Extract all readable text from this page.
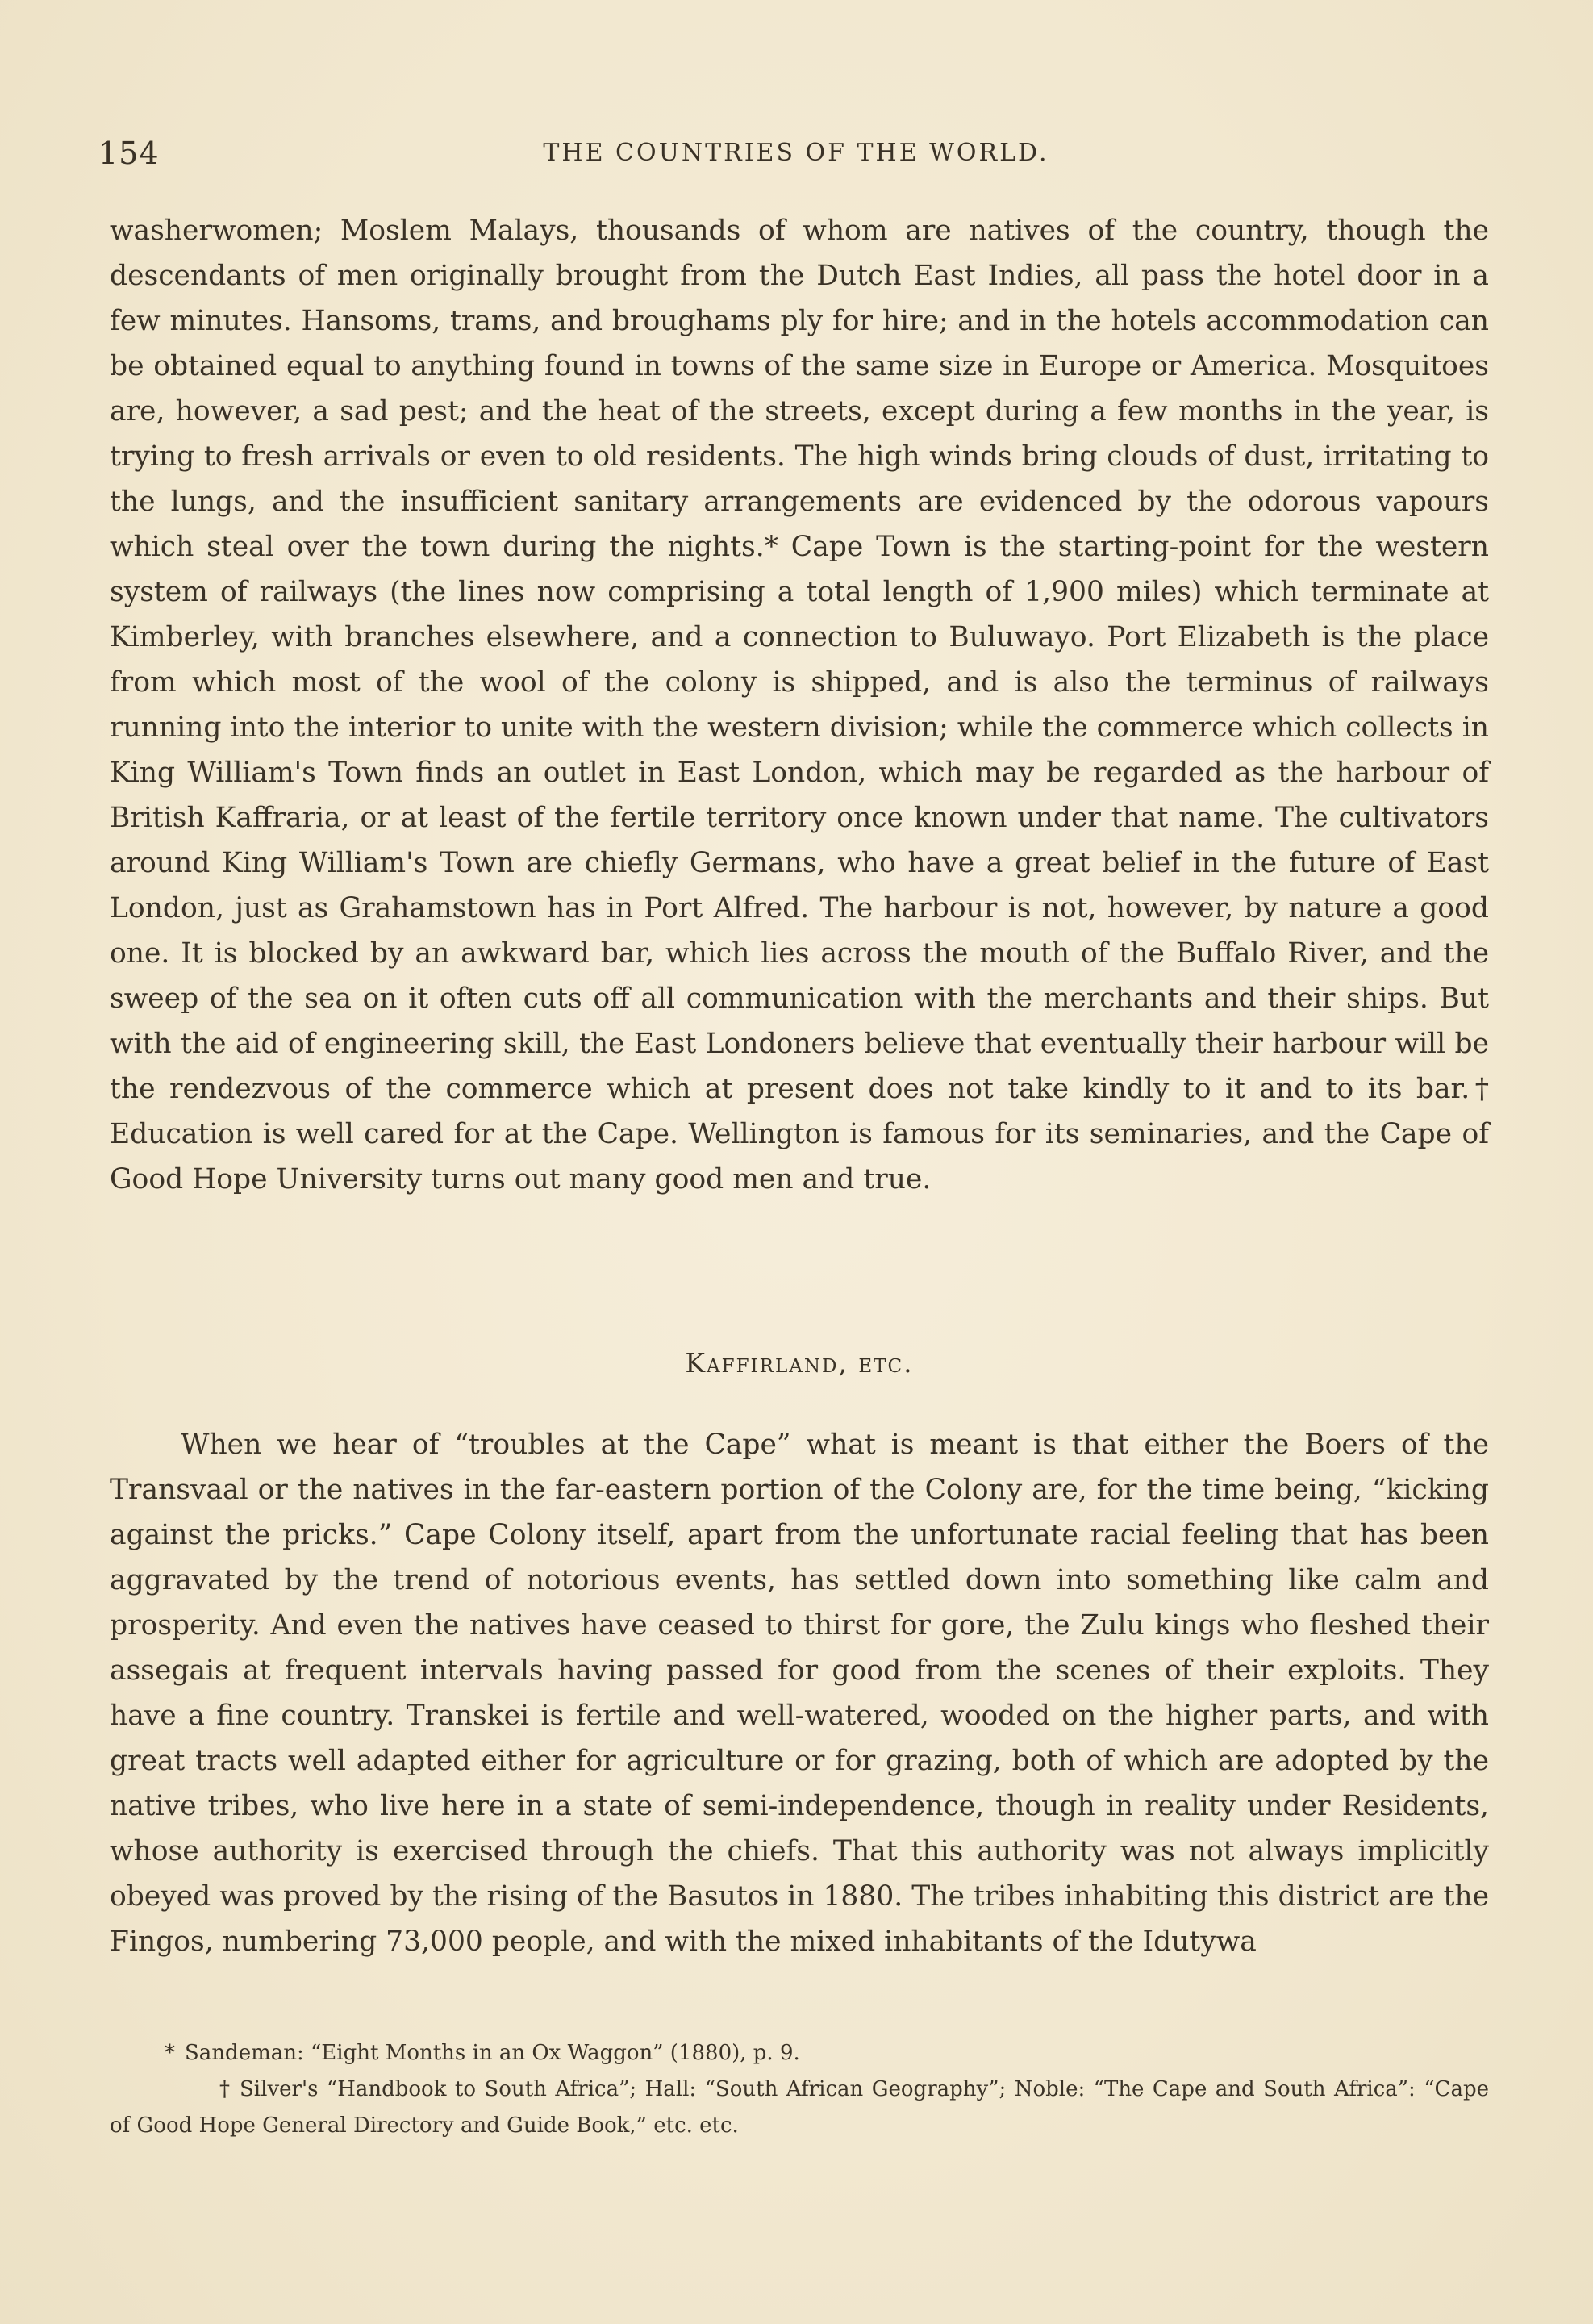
154	THE COUNTRIES OF THE WORLD.

washerwomen; Moslem Malays, thousands of whom are natives of the country, though the descendants of men originally brought from the Dutch East Indies, all pass the hotel door in a few minutes. Hansoms, trams, and broughams ply for hire; and in the hotels accommodation can be obtained equal to anything found in towns of the same size in Europe or America. Mosquitoes are, however, a sad pest; and the heat of the streets, except during a few months in the year, is trying to fresh arrivals or even to old residents. The high winds bring clouds of dust, irritating to the lungs, and the insufficient sanitary arrangements are evidenced by the odorous vapours which steal over the town during the nights.* Cape Town is the starting-point for the western system of railways (the lines now comprising a total length of 1,900 miles) which terminate at Kimberley, with branches elsewhere, and a connection to Buluwayo. Port Elizabeth is the place from which most of the wool of the colony is shipped, and is also the terminus of railways running into the interior to unite with the western division; while the commerce which collects in King William's Town finds an outlet in East London, which may be regarded as the harbour of British Kaffraria, or at least of the fertile territory once known under that name. The cultivators around King William's Town are chiefly Germans, who have a great belief in the future of East London, just as Grahamstown has in Port Alfred. The harbour is not, however, by nature a good one. It is blocked by an awkward bar, which lies across the mouth of the Buffalo River, and the sweep of the sea on it often cuts off all communication with the merchants and their ships. But with the aid of engineering skill, the East Londoners believe that eventually their harbour will be the rendezvous of the commerce which at present does not take kindly to it and to its bar.† Education is well cared for at the Cape. Wellington is famous for its seminaries, and the Cape of Good Hope University turns out many good men and true.

Kaffirland, etc.

When we hear of “troubles at the Cape” what is meant is that either the Boers of the Transvaal or the natives in the far-eastern portion of the Colony are, for the time being, “kicking against the pricks.” Cape Colony itself, apart from the unfortunate racial feeling that has been aggravated by the trend of notorious events, has settled down into something like calm and prosperity. And even the natives have ceased to thirst for gore, the Zulu kings who fleshed their assegais at frequent intervals having passed for good from the scenes of their exploits. They have a fine country. Transkei is fertile and well-watered, wooded on the higher parts, and with great tracts well adapted either for agriculture or for grazing, both of which are adopted by the native tribes, who live here in a state of semi-independence, though in reality under Residents, whose authority is exercised through the chiefs. That this authority was not always implicitly obeyed was proved by the rising of the Basutos in 1880. The tribes inhabiting this district are the Fingos, numbering 73,000 people, and with the mixed inhabitants of the Idutywa

* Sandeman: “Eight Months in an Ox Waggon” (1880), p. 9.

† Silver's “Handbook to South Africa”; Hall: “South African Geography”; Noble: “The Cape and South Africa”: “Cape of Good Hope General Directory and Guide Book,” etc. etc.
